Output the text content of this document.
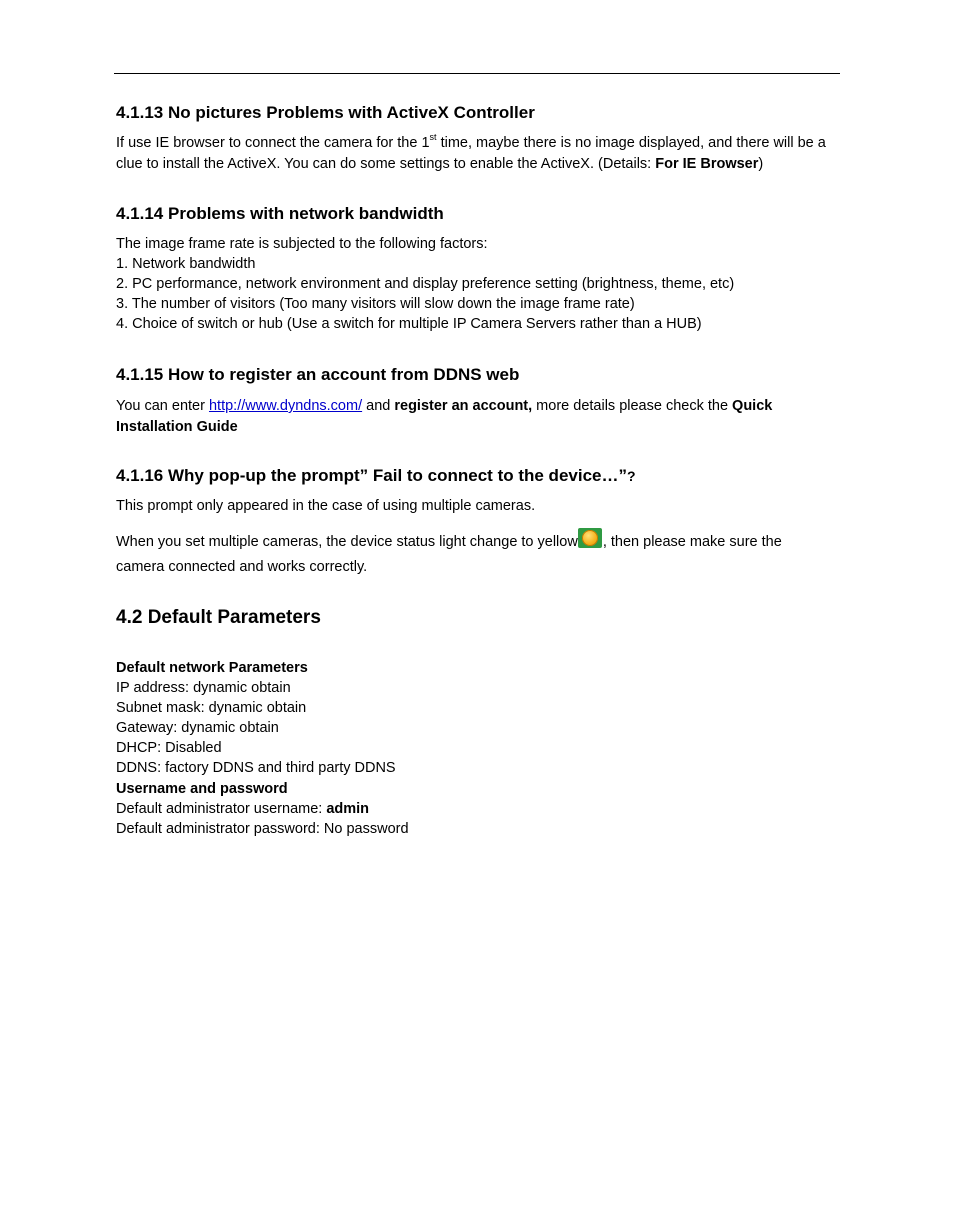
4.1.13 No pictures Problems with ActiveX Controller
If use IE browser to connect the camera for the 1st time, maybe there is no image displayed, and there will be a
clue to install the ActiveX. You can do some settings to enable the ActiveX. (Details: For IE Browser)
4.1.14 Problems with network bandwidth
The image frame rate is subjected to the following factors:
1. Network bandwidth
2. PC performance, network environment and display preference setting (brightness, theme, etc)
3. The number of visitors (Too many visitors will slow down the image frame rate)
4. Choice of switch or hub (Use a switch for multiple IP Camera Servers rather than a HUB)
4.1.15 How to register an account from DDNS web
You can enter http://www.dyndns.com/ and register an account, more details please check the Quick
Installation Guide
4.1.16 Why pop-up the prompt” Fail to connect to the device…”?
This prompt only appeared in the case of using multiple cameras.
When you set multiple cameras, the device status light change to yellow , then please make sure the
camera connected and works correctly.
4.2 Default Parameters
Default network Parameters
IP address: dynamic obtain
Subnet mask: dynamic obtain
Gateway: dynamic obtain
DHCP: Disabled
DDNS: factory DDNS and third party DDNS
Username and password
Default administrator username: admin
Default administrator password: No password
